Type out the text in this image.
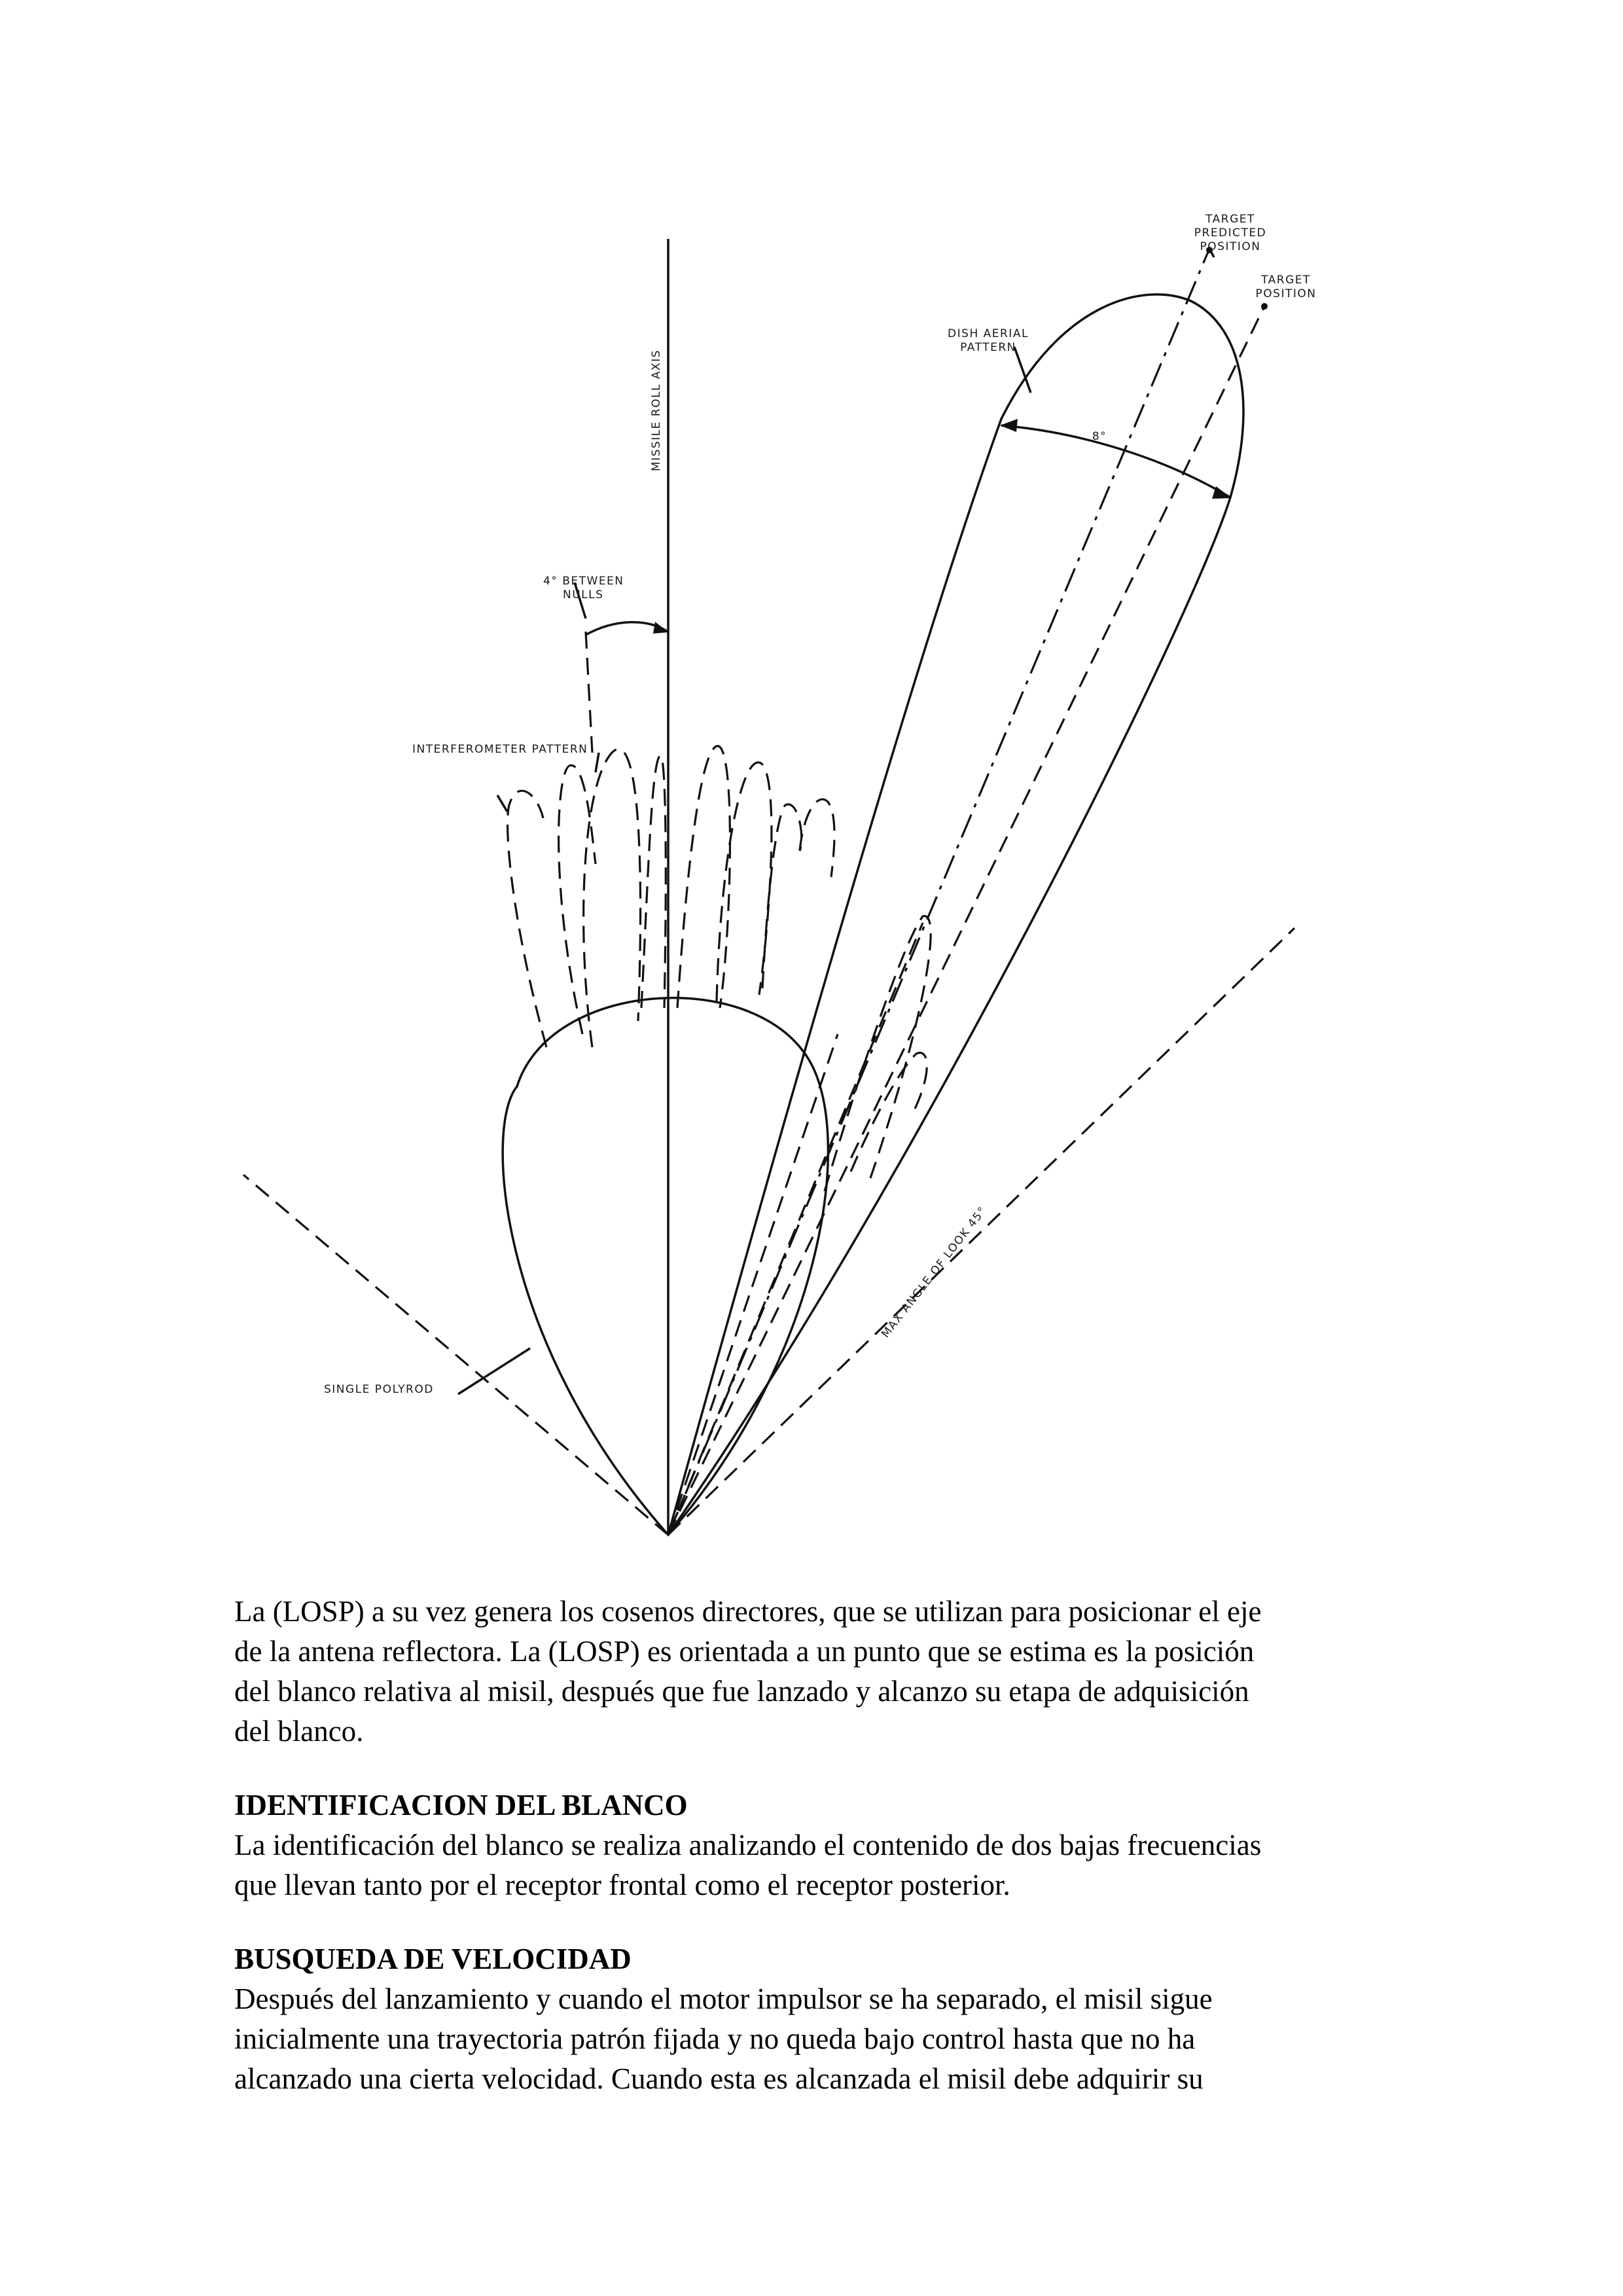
TARGET
PREDICTED
POSITION
TARGET
POSITION
DISH AERIAL
PATTERN
8°
MISSILE ROLL AXIS
4° BETWEEN
NULLS
INTERFEROMETER PATTERN
MAX ANGLE OF LOOK 45°
SINGLE POLYROD

La (LOSP) a su vez genera los cosenos directores, que se utilizan para posicionar el eje
de la antena reflectora. La (LOSP) es orientada a un punto que se estima es la posición
del blanco relativa al misil, después que fue lanzado y alcanzo su etapa de adquisición
del blanco.

IDENTIFICACION DEL BLANCO
La identificación del blanco se realiza analizando el contenido de dos bajas frecuencias
que llevan tanto por el receptor frontal como el receptor posterior.

BUSQUEDA DE VELOCIDAD
Después del lanzamiento y cuando el motor impulsor se ha separado, el misil sigue
inicialmente una trayectoria patrón fijada y no queda bajo control hasta que no ha
alcanzado una cierta velocidad. Cuando esta es alcanzada el misil debe adquirir su
